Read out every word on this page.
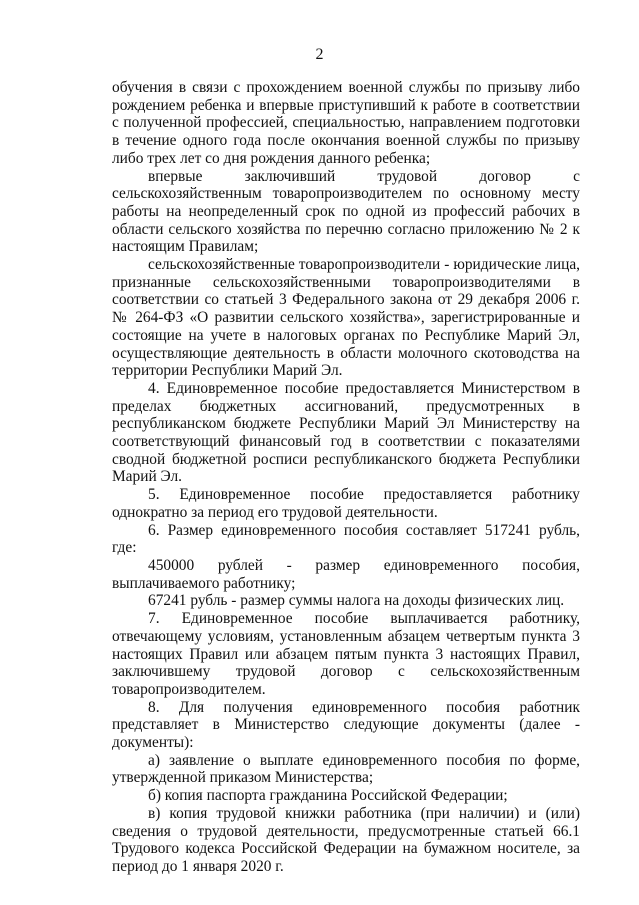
2

обучения в связи с прохождением военной службы по призыву либо рождением ребенка и впервые приступивший к работе в соответствии с полученной профессией, специальностью, направлением подготовки в течение одного года после окончания военной службы по призыву либо трех лет со дня рождения данного ребенка;

впервые заключивший трудовой договор с сельскохозяйственным товаропроизводителем по основному месту работы на неопределенный срок по одной из профессий рабочих в области сельского хозяйства по перечню согласно приложению № 2 к настоящим Правилам;

сельскохозяйственные товаропроизводители - юридические лица, признанные сельскохозяйственными товаропроизводителями в соответствии со статьей 3 Федерального закона от 29 декабря 2006 г. № 264-ФЗ «О развитии сельского хозяйства», зарегистрированные и состоящие на учете в налоговых органах по Республике Марий Эл, осуществляющие деятельность в области молочного скотоводства на территории Республики Марий Эл.

4. Единовременное пособие предоставляется Министерством в пределах бюджетных ассигнований, предусмотренных в республиканском бюджете Республики Марий Эл Министерству на соответствующий финансовый год в соответствии с показателями сводной бюджетной росписи республиканского бюджета Республики Марий Эл.

5. Единовременное пособие предоставляется работнику однократно за период его трудовой деятельности.

6. Размер единовременного пособия составляет 517241 рубль, где:

450000 рублей - размер единовременного пособия, выплачиваемого работнику;

67241 рубль - размер суммы налога на доходы физических лиц.

7. Единовременное пособие выплачивается работнику, отвечающему условиям, установленным абзацем четвертым пункта 3 настоящих Правил или абзацем пятым пункта 3 настоящих Правил, заключившему трудовой договор с сельскохозяйственным товаропроизводителем.

8. Для получения единовременного пособия работник представляет в Министерство следующие документы (далее - документы):

а) заявление о выплате единовременного пособия по форме, утвержденной приказом Министерства;

б) копия паспорта гражданина Российской Федерации;

в) копия трудовой книжки работника (при наличии) и (или) сведения о трудовой деятельности, предусмотренные статьей 66.1 Трудового кодекса Российской Федерации на бумажном носителе, за период до 1 января 2020 г.
